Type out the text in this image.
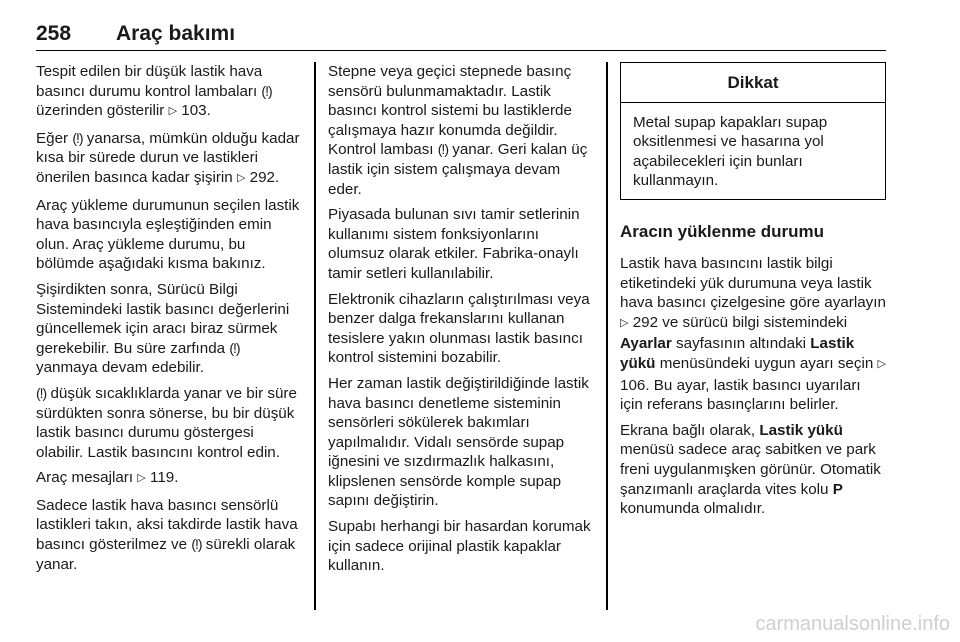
258 Araç bakımı

Tespit edilen bir düşük lastik hava basıncı durumu kontrol lambaları (!) üzerinden gösterilir ▷ 103.

Eğer (!) yanarsa, mümkün olduğu kadar kısa bir sürede durun ve lastikleri önerilen basınca kadar şişirin ▷ 292.

Araç yükleme durumunun seçilen lastik hava basıncıyla eşleştiğinden emin olun. Araç yükleme durumu, bu bölümde aşağıdaki kısma bakınız.

Şişirdikten sonra, Sürücü Bilgi Sistemindeki lastik basıncı değerlerini güncellemek için aracı biraz sürmek gerekebilir. Bu süre zarfında (!) yanmaya devam edebilir.

(!) düşük sıcaklıklarda yanar ve bir süre sürdükten sonra sönerse, bu bir düşük lastik basıncı durumu göstergesi olabilir. Lastik basıncını kontrol edin.

Araç mesajları ▷ 119.

Sadece lastik hava basıncı sensörlü lastikleri takın, aksi takdirde lastik hava basıncı gösterilmez ve (!) sürekli olarak yanar.

Stepne veya geçici stepnede basınç sensörü bulunmamaktadır. Lastik basıncı kontrol sistemi bu lastiklerde çalışmaya hazır konumda değildir. Kontrol lambası (!) yanar. Geri kalan üç lastik için sistem çalışmaya devam eder.

Piyasada bulunan sıvı tamir setlerinin kullanımı sistem fonksiyonlarını olumsuz olarak etkiler. Fabrika-onaylı tamir setleri kullanılabilir.

Elektronik cihazların çalıştırılması veya benzer dalga frekanslarını kullanan tesislere yakın olunması lastik basıncı kontrol sistemini bozabilir.

Her zaman lastik değiştirildiğinde lastik hava basıncı denetleme sisteminin sensörleri sökülerek bakımları yapılmalıdır. Vidalı sensörde supap iğnesini ve sızdırmazlık halkasını, klipslenen sensörde komple supap sapını değiştirin.

Supabı herhangi bir hasardan korumak için sadece orijinal plastik kapaklar kullanın.

Dikkat
Metal supap kapakları supap oksitlenmesi ve hasarına yol açabilecekleri için bunları kullanmayın.
Aracın yüklenme durumu

Lastik hava basıncını lastik bilgi etiketindeki yük durumuna veya lastik hava basıncı çizelgesine göre ayarlayın ▷ 292 ve sürücü bilgi sistemindeki Ayarlar sayfasının altındaki Lastik yükü menüsündeki uygun ayarı seçin ▷ 106. Bu ayar, lastik basıncı uyarıları için referans basınçlarını belirler.

Ekrana bağlı olarak, Lastik yükü menüsü sadece araç sabitken ve park freni uygulanmışken görünür. Otomatik şanzımanlı araçlarda vites kolu P konumunda olmalıdır.

carmanualsonline.info
